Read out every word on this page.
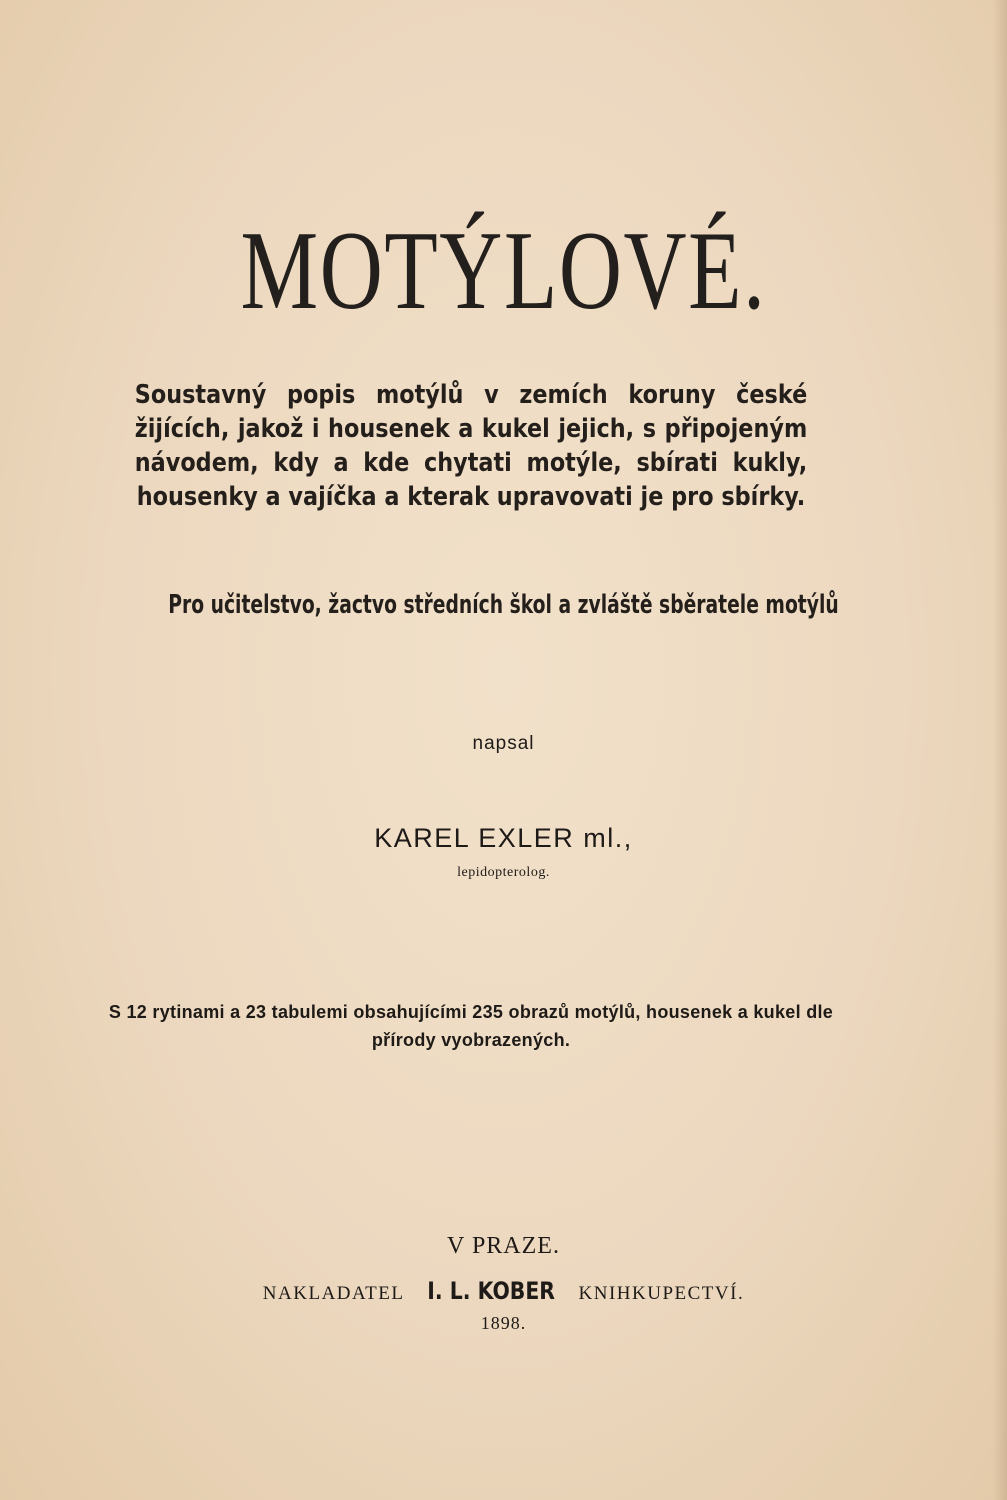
MOTÝLOVÉ.
Soustavný popis motýlů v zemích koruny české žijících, jakož i housenek a kukel jejich, s připojeným návodem, kdy a kde chytati motýle, sbírati kukly, housenky a vajíčka a kterak upravovati je pro sbírky.
Pro učitelstvo, žactvo středních škol a zvláště sběratele motýlů
napsal
KAREL EXLER ml.,
lepidopterolog.
S 12 rytinami a 23 tabulemi obsahujícími 235 obrazů motýlů, housenek a kukel dle přírody vyobrazených.
V PRAZE.
NAKLADATEL I. L. KOBER KNIHKUPECTVÍ.
1898.
